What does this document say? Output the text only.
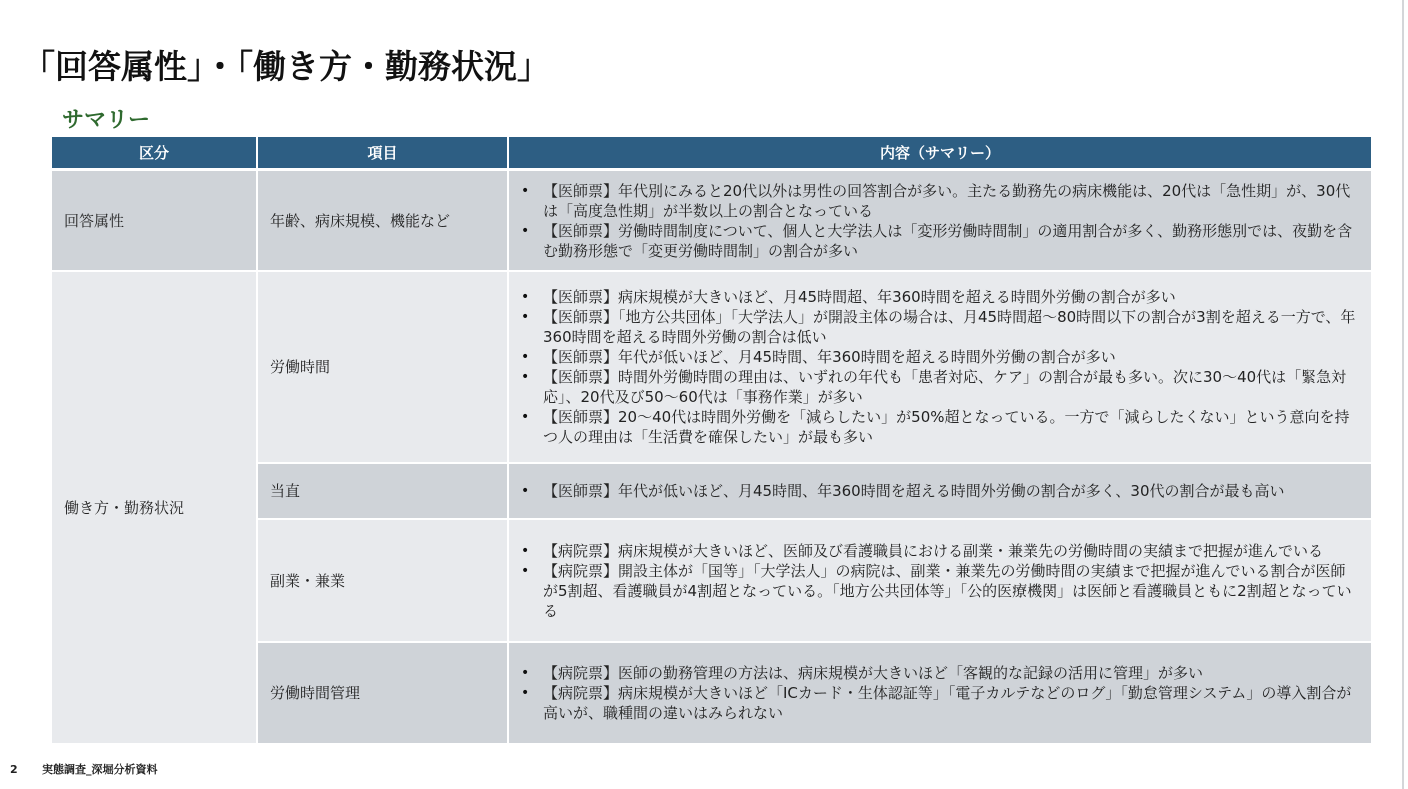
「回答属性」・「働き方・勤務状況」
サマリー
区分	項目	内容（サマリー）
回答属性	年齢、病床規模、機能など	
• 【医師票】年代別にみると20代以外は男性の回答割合が多い。主たる勤務先の病床機能は、20代は「急性期」が、30代は「高度急性期」が半数以上の割合となっている
• 【医師票】労働時間制度について、個人と大学法人は「変形労働時間制」の適用割合が多く、勤務形態別では、夜勤を含む勤務形態で「変更労働時間制」の割合が多い

働き方・勤務状況	労働時間	
• 【医師票】病床規模が大きいほど、月45時間超、年360時間を超える時間外労働の割合が多い
• 【医師票】「地方公共団体」「大学法人」が開設主体の場合は、月45時間超～80時間以下の割合が3割を超える一方で、年360時間を超える時間外労働の割合は低い
• 【医師票】年代が低いほど、月45時間、年360時間を超える時間外労働の割合が多い
• 【医師票】時間外労働時間の理由は、いずれの年代も「患者対応、ケア」の割合が最も多い。次に30～40代は「緊急対応」、20代及び50～60代は「事務作業」が多い
• 【医師票】20～40代は時間外労働を「減らしたい」が50%超となっている。一方で「減らしたくない」という意向を持つ人の理由は「生活費を確保したい」が最も多い

当直	
•【医師票】年代が低いほど、月45時間、年360時間を超える時間外労働の割合が多く、30代の割合が最も高い

副業・兼業	
• 【病院票】病床規模が大きいほど、医師及び看護職員における副業・兼業先の労働時間の実績まで把握が進んでいる
• 【病院票】開設主体が「国等」「大学法人」の病院は、副業・兼業先の労働時間の実績まで把握が進んでいる割合が医師が5割超、看護職員が4割超となっている。「地方公共団体等」「公的医療機関」は医師と看護職員ともに2割超となっている

労働時間管理	
• 【病院票】医師の勤務管理の方法は、病床規模が大きいほど「客観的な記録の活用に管理」が多い
• 【病院票】病床規模が大きいほど「ICカード・生体認証等」「電子カルテなどのログ」「勤怠管理システム」の導入割合が高いが、職種間の違いはみられない
2 実態調査_深堀分析資料
